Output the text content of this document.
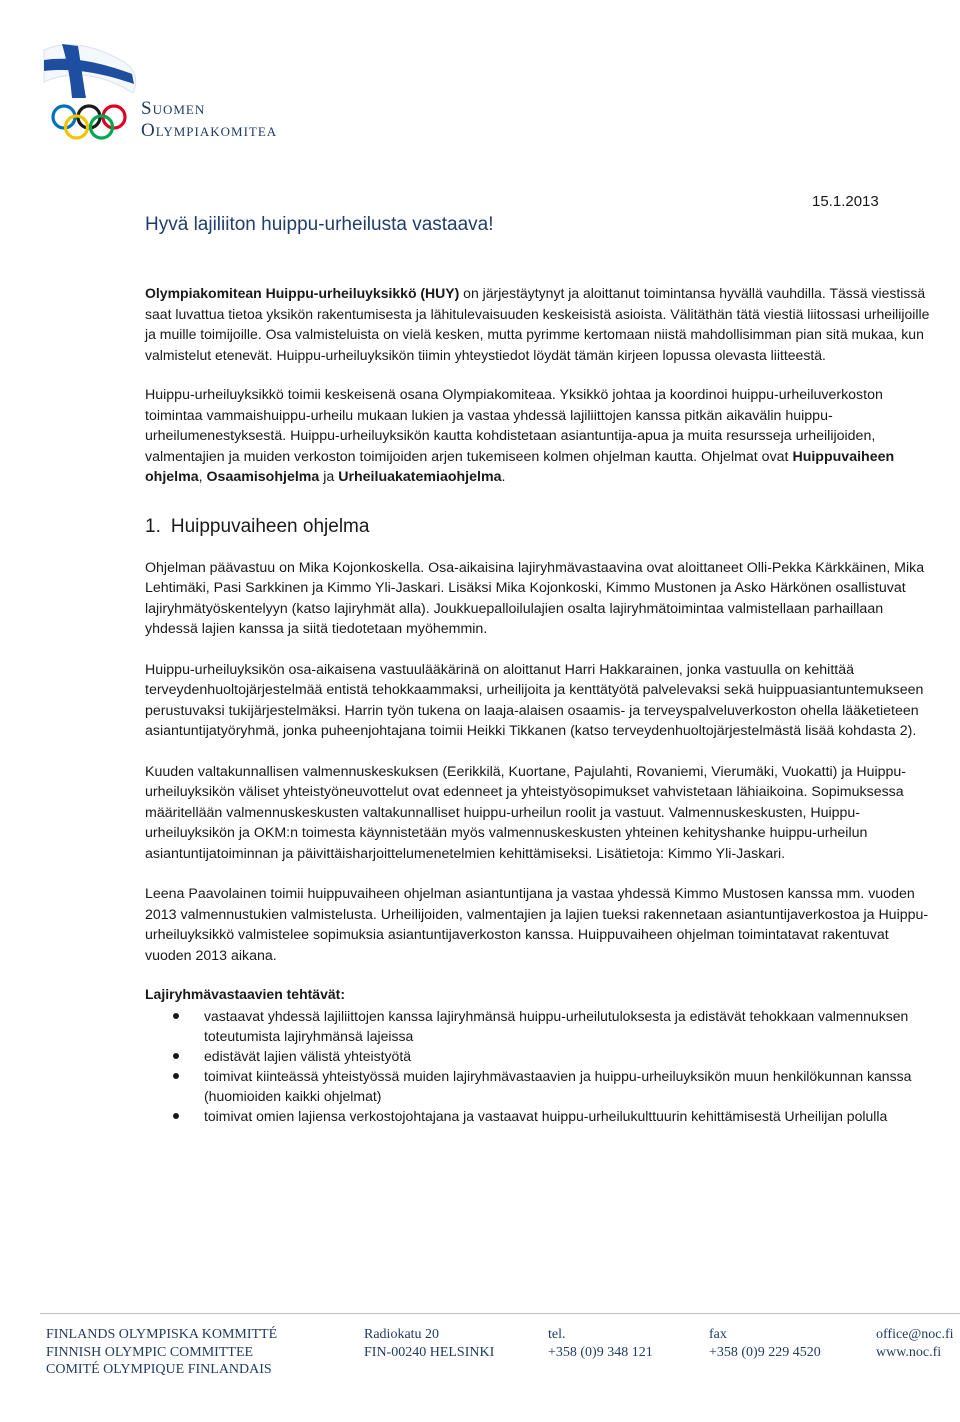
Suomen
Olympiakomitea
15.1.2013
Hyvä lajiliiton huippu-urheilusta vastaava!

Olympiakomitean Huippu-urheiluyksikkö (HUY) on järjestäytynyt ja aloittanut toimintansa hyvällä vauhdilla. Tässä viestissä saat luvattua tietoa yksikön rakentumisesta ja lähitulevaisuuden keskeisistä asioista. Välitäthän tätä viestiä liitossasi urheilijoille ja muille toimijoille. Osa valmisteluista on vielä kesken, mutta pyrimme kertomaan niistä mahdollisimman pian sitä mukaa, kun valmistelut etenevät. Huippu-urheiluyksikön tiimin yhteystiedot löydät tämän kirjeen lopussa olevasta liitteestä.

Huippu-urheiluyksikkö toimii keskeisenä osana Olympiakomiteaa. Yksikkö johtaa ja koordinoi huippu-urheiluverkoston toimintaa vammaishuippu-urheilu mukaan lukien ja vastaa yhdessä lajiliittojen kanssa pitkän aikavälin huippu-urheilumenestyksestä. Huippu-urheiluyksikön kautta kohdistetaan asiantuntija-apua ja muita resursseja urheilijoiden, valmentajien ja muiden verkoston toimijoiden arjen tukemiseen kolmen ohjelman kautta. Ohjelmat ovat Huippuvaiheen ohjelma, Osaamisohjelma ja Urheiluakatemiaohjelma.

1. Huippuvaiheen ohjelma

Ohjelman päävastuu on Mika Kojonkoskella. Osa-aikaisina lajiryhmävastaavina ovat aloittaneet Olli-Pekka Kärkkäinen, Mika Lehtimäki, Pasi Sarkkinen ja Kimmo Yli-Jaskari. Lisäksi Mika Kojonkoski, Kimmo Mustonen ja Asko Härkönen osallistuvat lajiryhmätyöskentelyyn (katso lajiryhmät alla). Joukkuepalloilulajien osalta lajiryhmätoimintaa valmistellaan parhaillaan yhdessä lajien kanssa ja siitä tiedotetaan myöhemmin.

Huippu-urheiluyksikön osa-aikaisena vastuulääkärinä on aloittanut Harri Hakkarainen, jonka vastuulla on kehittää terveydenhuoltojärjestelmää entistä tehokkaammaksi, urheilijoita ja kenttätyötä palvelevaksi sekä huippuasiantuntemukseen perustuvaksi tukijärjestelmäksi. Harrin työn tukena on laaja-alaisen osaamis- ja terveyspalveluverkoston ohella lääketieteen asiantuntijatyöryhmä, jonka puheenjohtajana toimii Heikki Tikkanen (katso terveydenhuoltojärjestelmästä lisää kohdasta 2).

Kuuden valtakunnallisen valmennuskeskuksen (Eerikkilä, Kuortane, Pajulahti, Rovaniemi, Vierumäki, Vuokatti) ja Huippu-urheiluyksikön väliset yhteistyöneuvottelut ovat edenneet ja yhteistyösopimukset vahvistetaan lähiaikoina. Sopimuksessa määritellään valmennuskeskusten valtakunnalliset huippu-urheilun roolit ja vastuut. Valmennuskeskusten, Huippu-urheiluyksikön ja OKM:n toimesta käynnistetään myös valmennuskeskusten yhteinen kehityshanke huippu-urheilun asiantuntijatoiminnan ja päivittäisharjoittelumenetelmien kehittämiseksi. Lisätietoja: Kimmo Yli-Jaskari.

Leena Paavolainen toimii huippuvaiheen ohjelman asiantuntijana ja vastaa yhdessä Kimmo Mustosen kanssa mm. vuoden 2013 valmennustukien valmistelusta. Urheilijoiden, valmentajien ja lajien tueksi rakennetaan asiantuntijaverkostoa ja Huippu-urheiluyksikkö valmistelee sopimuksia asiantuntijaverkoston kanssa. Huippuvaiheen ohjelman toimintatavat rakentuvat vuoden 2013 aikana.

Lajiryhmävastaavien tehtävät:
vastaavat yhdessä lajiliittojen kanssa lajiryhmänsä huippu-urheilutuloksesta ja edistävät tehokkaan valmennuksen toteutumista lajiryhmänsä lajeissa
edistävät lajien välistä yhteistyötä
toimivat kiinteässä yhteistyössä muiden lajiryhmävastaavien ja huippu-urheiluyksikön muun henkilökunnan kanssa (huomioiden kaikki ohjelmat)
toimivat omien lajiensa verkostojohtajana ja vastaavat huippu-urheilukulttuurin kehittämisestä Urheilijan polulla
FINLANDS OLYMPISKA KOMMITTÉ
FINNISH OLYMPIC COMMITTEE
COMITÉ OLYMPIQUE FINLANDAIS
Radiokatu 20
FIN-00240 HELSINKI
tel.
+358 (0)9 348 121
fax
+358 (0)9 229 4520
office@noc.fi
www.noc.fi
